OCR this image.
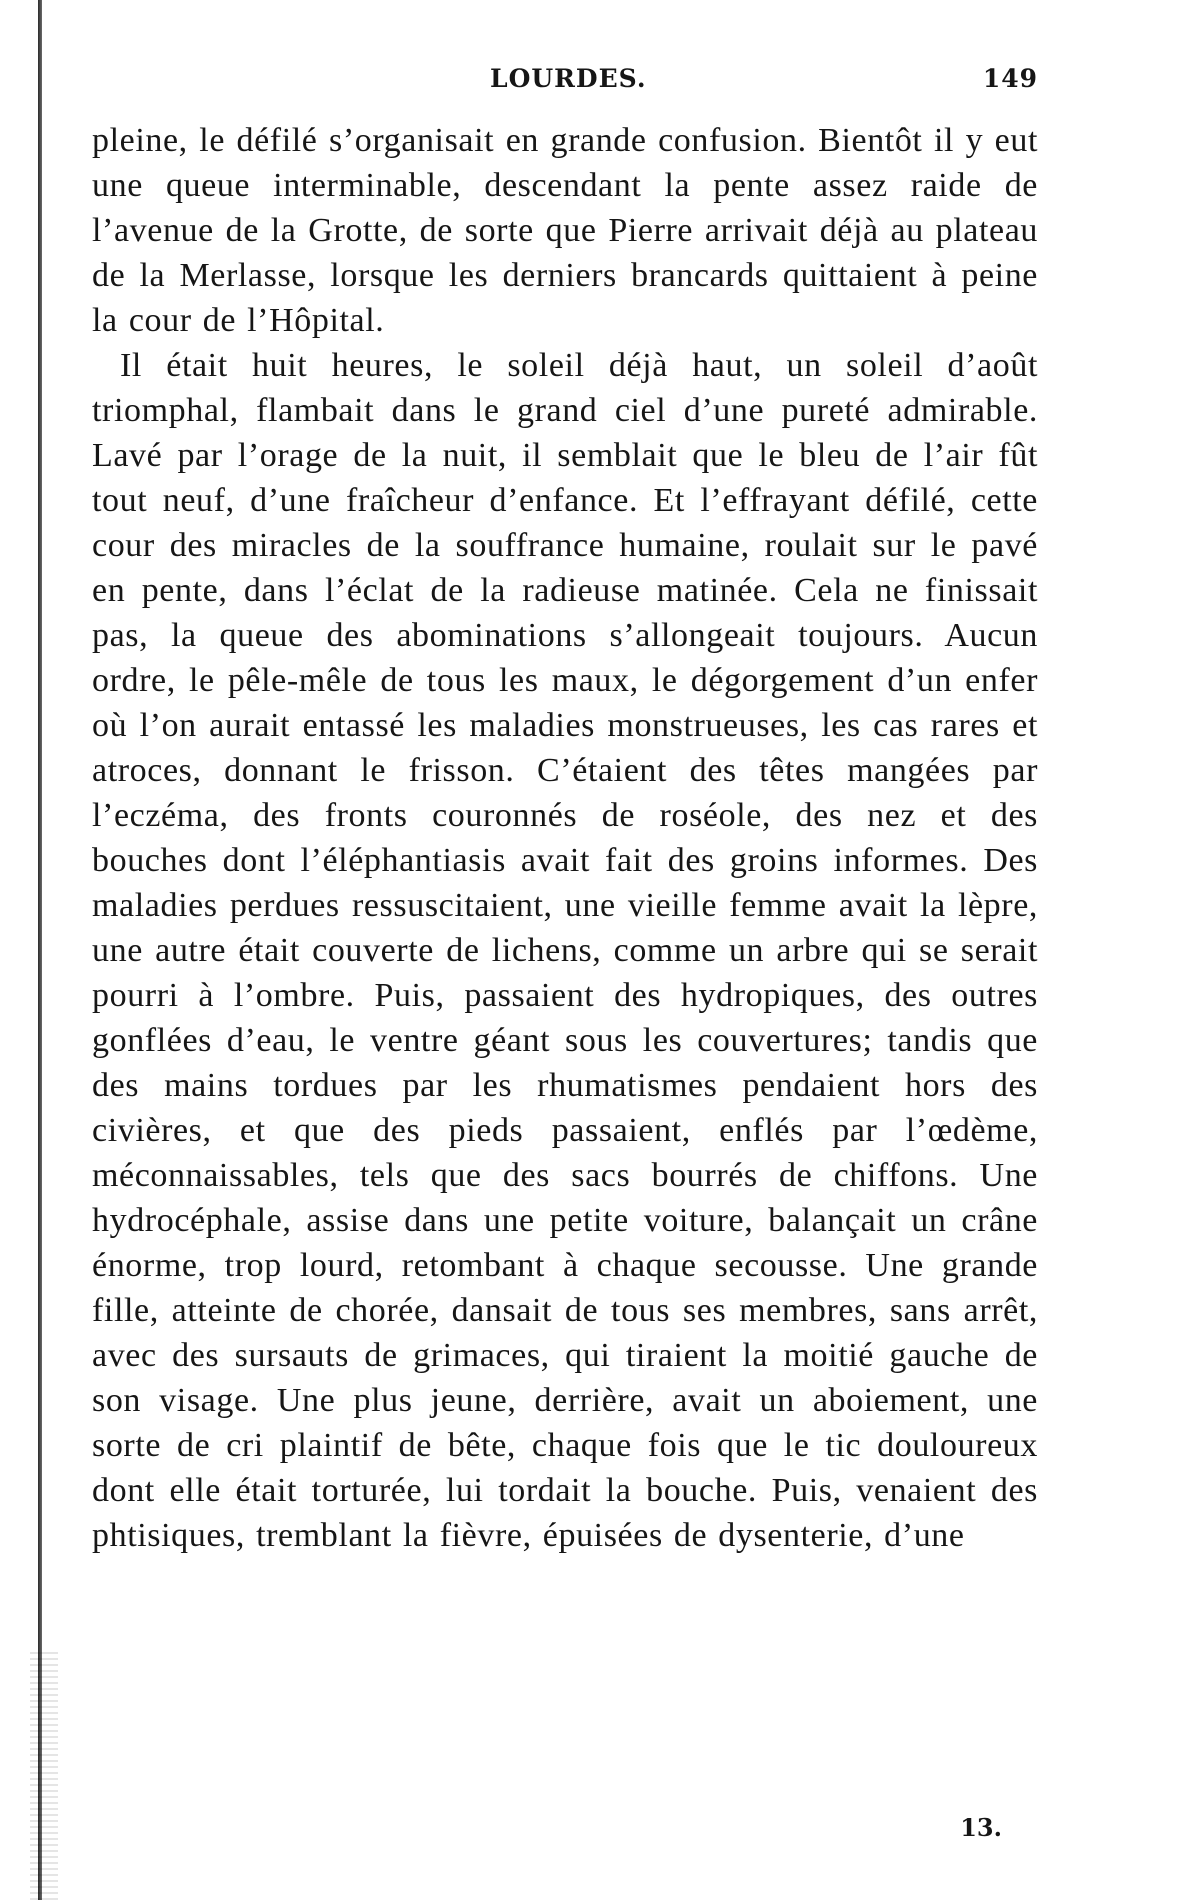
LOURDES.	149

pleine, le défilé s’organisait en grande confusion. Bientôt il y eut une queue interminable, descendant la pente assez raide de l’avenue de la Grotte, de sorte que Pierre arrivait déjà au plateau de la Merlasse, lorsque les derniers brancards quittaient à peine la cour de l’Hôpital.

Il était huit heures, le soleil déjà haut, un soleil d’août triomphal, flambait dans le grand ciel d’une pureté admirable. Lavé par l’orage de la nuit, il semblait que le bleu de l’air fût tout neuf, d’une fraîcheur d’enfance. Et l’effrayant défilé, cette cour des miracles de la souffrance humaine, roulait sur le pavé en pente, dans l’éclat de la radieuse matinée. Cela ne finissait pas, la queue des abominations s’allongeait toujours. Aucun ordre, le pêle-mêle de tous les maux, le dégorgement d’un enfer où l’on aurait entassé les maladies monstrueuses, les cas rares et atroces, donnant le frisson. C’étaient des têtes mangées par l’eczéma, des fronts couronnés de roséole, des nez et des bouches dont l’éléphantiasis avait fait des groins informes. Des maladies perdues ressuscitaient, une vieille femme avait la lèpre, une autre était couverte de lichens, comme un arbre qui se serait pourri à l’ombre. Puis, passaient des hydropiques, des outres gonflées d’eau, le ventre géant sous les couvertures; tandis que des mains tordues par les rhumatismes pendaient hors des civières, et que des pieds passaient, enflés par l’œdème, méconnaissables, tels que des sacs bourrés de chiffons. Une hydrocéphale, assise dans une petite voiture, balançait un crâne énorme, trop lourd, retombant à chaque secousse. Une grande fille, atteinte de chorée, dansait de tous ses membres, sans arrêt, avec des sursauts de grimaces, qui tiraient la moitié gauche de son visage. Une plus jeune, derrière, avait un aboiement, une sorte de cri plaintif de bête, chaque fois que le tic douloureux dont elle était torturée, lui tordait la bouche. Puis, venaient des phtisiques, tremblant la fièvre, épuisées de dysenterie, d’une

13.
